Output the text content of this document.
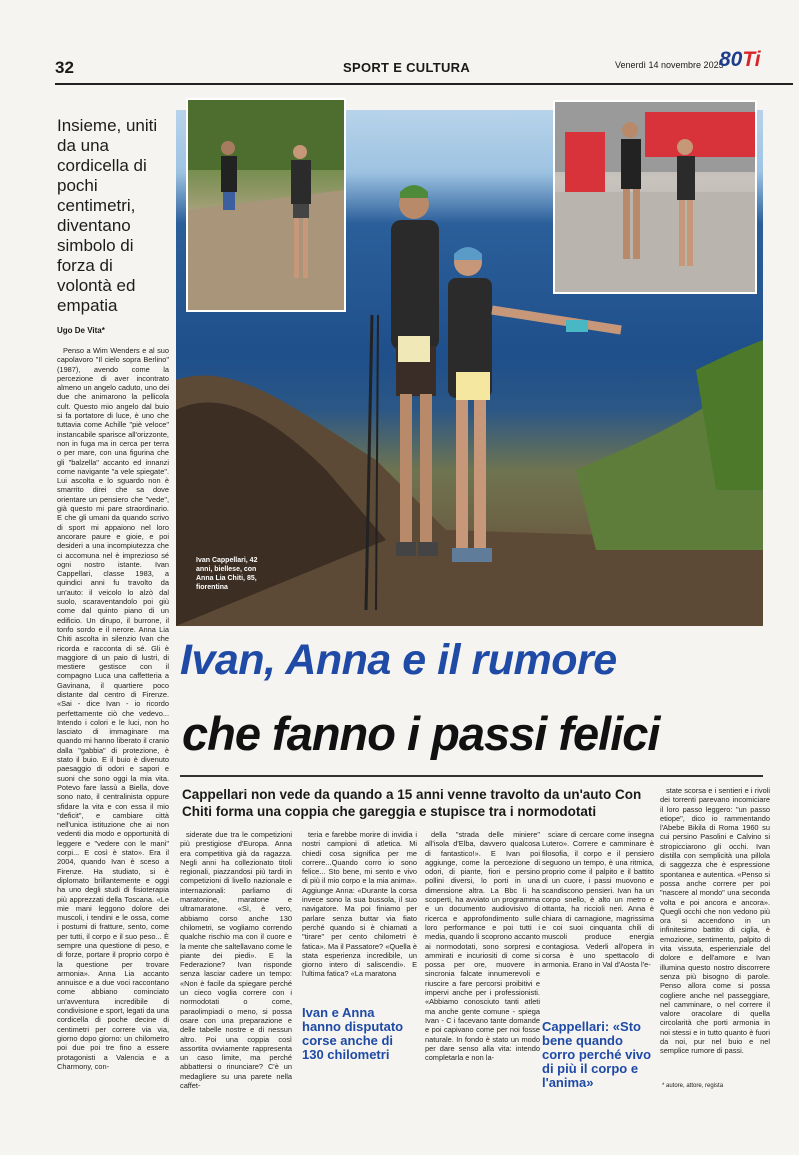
32	SPORT E CULTURA	Venerdì 14 novembre 2025
80Ti
Ivan Cappellari, 42 anni, biellese, con Anna Lia Chiti, 85, fiorentina
Insieme, uniti da una cordicella di pochi centimetri, diventano simbolo di forza di volontà ed empatia
Ugo De Vita*
Ivan, Anna e il rumore
che fanno i passi felici
Cappellari non vede da quando a 15 anni venne travolto da un'auto Con Chiti forma una coppia che gareggia e stupisce tra i normodotati

Penso a Wim Wenders e al suo capolavoro "Il cielo sopra Berlino" (1987), avendo come la percezione di aver incontrato almeno un angelo caduto, uno dei due che animarono la pellicola cult. Questo mio angelo dal buio si fa portatore di luce, è uno che tuttavia come Achille "piè veloce" instancabile sparisce all'orizzonte, non in fuga ma in cerca per terra o per mare, con una figurina che gli "balzella" accanto ed innanzi come navigante "a vele spiegate". Lui ascolta e lo sguardo non è smarrito direi che sa dove orientare un pensiero che "vede", già questo mi pare straordinario. E che gli umani da quando scrivo di sport mi appaiono nel loro ancorare paure e gioie, e poi desideri a una incompiutezza che ci accomuna nel è imprezioso sé ogni nostro istante. Ivan Cappellari, classe 1983, a quindici anni fu travolto da un'auto: il veicolo lo alzò dal suolo, scaraventandolo poi giù come dal quinto piano di un edificio. Un dirupo, il burrone, il tonfo sordo e il nerore. Anna Lia Chiti ascolta in silenzio Ivan che ricorda e racconta di sé. Gli è maggiore di un paio di lustri, di mestiere gestisce con il compagno Luca una caffetteria a Gavinana, il quartiere poco distante dal centro di Firenze. «Sai - dice Ivan - io ricordo perfettamente ciò che vedevo... Intendo i colori e le luci, non ho lasciato di immaginare ma quando mi hanno liberato il cranio dalla "gabbia" di protezione, è stato il buio. E il buio è divenuto paesaggio di odori e sapori e suoni che sono oggi la mia vita. Potevo fare lassù a Biella, dove sono nato, il centralinista oppure sfidare la vita e con essa il mio "deficit", e cambiare città nell'unica istituzione che ai non vedenti dia modo e opportunità di leggere e "vedere con le mani" corpi... E così è stato». Era il 2004, quando Ivan è sceso a Firenze. Ha studiato, si è diplomato brillantemente e oggi ha uno degli studi di fisioterapia più apprezzati della Toscana. «Le mie mani leggono dolore dei muscoli, i tendini e le ossa, come i postumi di fratture, sento, come per tutti, il corpo e il suo peso... È sempre una questione di peso, e di forze, portare il proprio corpo è la questione per trovare armonia». Anna Lia accanto annuisce e a due voci raccontano come abbiano cominciato un'avventura incredibile di condivisione e sport, legati da una cordicella di poche decine di centimetri per correre via via, giorno dopo giorno: un chilometro poi due poi tre fino a essere protagonisti a Valencia e a Charmony, con-

siderate due tra le competizioni più prestigiose d'Europa. Anna era competitiva già da ragazza. Negli anni ha collezionato titoli regionali, piazzandosi più tardi in competizioni di livello nazionale e internazionali: parliamo di maratonine, maratone e ultramaratone. «Sì, è vero, abbiamo corso anche 130 chilometri, se vogliamo correndo qualche rischio ma con il cuore e la mente che saltellavano come le piante dei piedi». E la Federazione? Ivan risponde senza lasciar cadere un tempo: «Non è facile da spiegare perché un cieco voglia correre con i normodotati o come, paraolimpiadi o meno, si possa osare con una preparazione e delle tabelle nostre e di nessun altro. Poi una coppia così assortita ovviamente rappresenta un caso limite, ma perché abbattersi o rinunciare? C'è un medagliere su una parete nella caffet-

teria e farebbe morire di invidia i nostri campioni di atletica. Mi chiedi cosa significa per me correre...Quando corro io sono felice... Sto bene, mi sento e vivo di più il mio corpo e la mia anima». Aggiunge Anna: «Durante la corsa invece sono la sua bussola, il suo navigatore. Ma poi finiamo per parlare senza buttar via fiato perché quando si è chiamati a "tirare" per cento chilometri è fatica». Ma il Passatore? «Quella è stata esperienza incredibile, un giorno intero di saliscendi». E l'ultima fatica? «La maratona

della "strada delle miniere" all'isola d'Elba, davvero qualcosa di fantastico!». E Ivan poi aggiunge, come la percezione di odori, di piante, fiori e persino pollini diversi, lo porti in una dimensione altra. La Bbc li ha scoperti, ha avviato un programma e un documento audiovisivo di ricerca e approfondimento sulle loro performance e poi tutti i media, quando li scoprono accanto ai normodotati, sono sorpresi e ammirati e incuriositi di come si possa per ore, muovere in sincronia falcate innumerevoli e riuscire a fare percorsi proibitivi e impervi anche per i professionisti. «Abbiamo conosciuto tanti atleti ma anche gente comune - spiega Ivan - C i facevano tante domande e poi capivano come per noi fosse naturale. In fondo è stato un modo per dare senso alla vita: intendo completarla e non la-

sciare di cercare come insegna Lutero». Correre e camminare è filosofia, il corpo e il pensiero seguono un tempo, è una ritmica, proprio come il palpito e il battito di un cuore, i passi muovono e scandiscono pensieri. Ivan ha un corpo snello, è alto un metro e ottanta, ha riccioli neri. Anna è chiara di carnagione, magrissima e coi suoi cinquanta chili di muscoli produce energia contagiosa. Vederli all'opera in corsa è uno spettacolo di armonia. Erano in Val d'Aosta l'e-

state scorsa e i sentieri e i rivoli dei torrenti parevano incomiciare il loro passo leggero: "un passo etiope", dico io rammentando l'Abebe Bikila di Roma 1960 su cui persino Pasolini e Calvino si stropicciarono gli occhi. Ivan distilla con semplicità una pillola di saggezza che è espressione spontanea e autentica. «Penso si possa anche correre per poi "nascere al mondo" una seconda volta e poi ancora e ancora». Quegli occhi che non vedono più ora si accendono in un infinitesimo battito di ciglia, è emozione, sentimento, palpito di vita vissuta, esperienziale del dolore e dell'amore e Ivan illumina questo nostro discorrere senza più bisogno di parole. Penso allora come si possa cogliere anche nel passeggiare, nel camminare, o nel correre il valore oracolare di quella circolarità che porti armonia in noi stessi e in tutto quanto è fuori da noi, pur nel buio e nel semplice rumore di passi.

Ivan e Anna hanno disputato corse anche di 130 chilometri
Cappellari: «Sto bene quando corro perché vivo di più il corpo e l'anima»	* autore, attore, regista
